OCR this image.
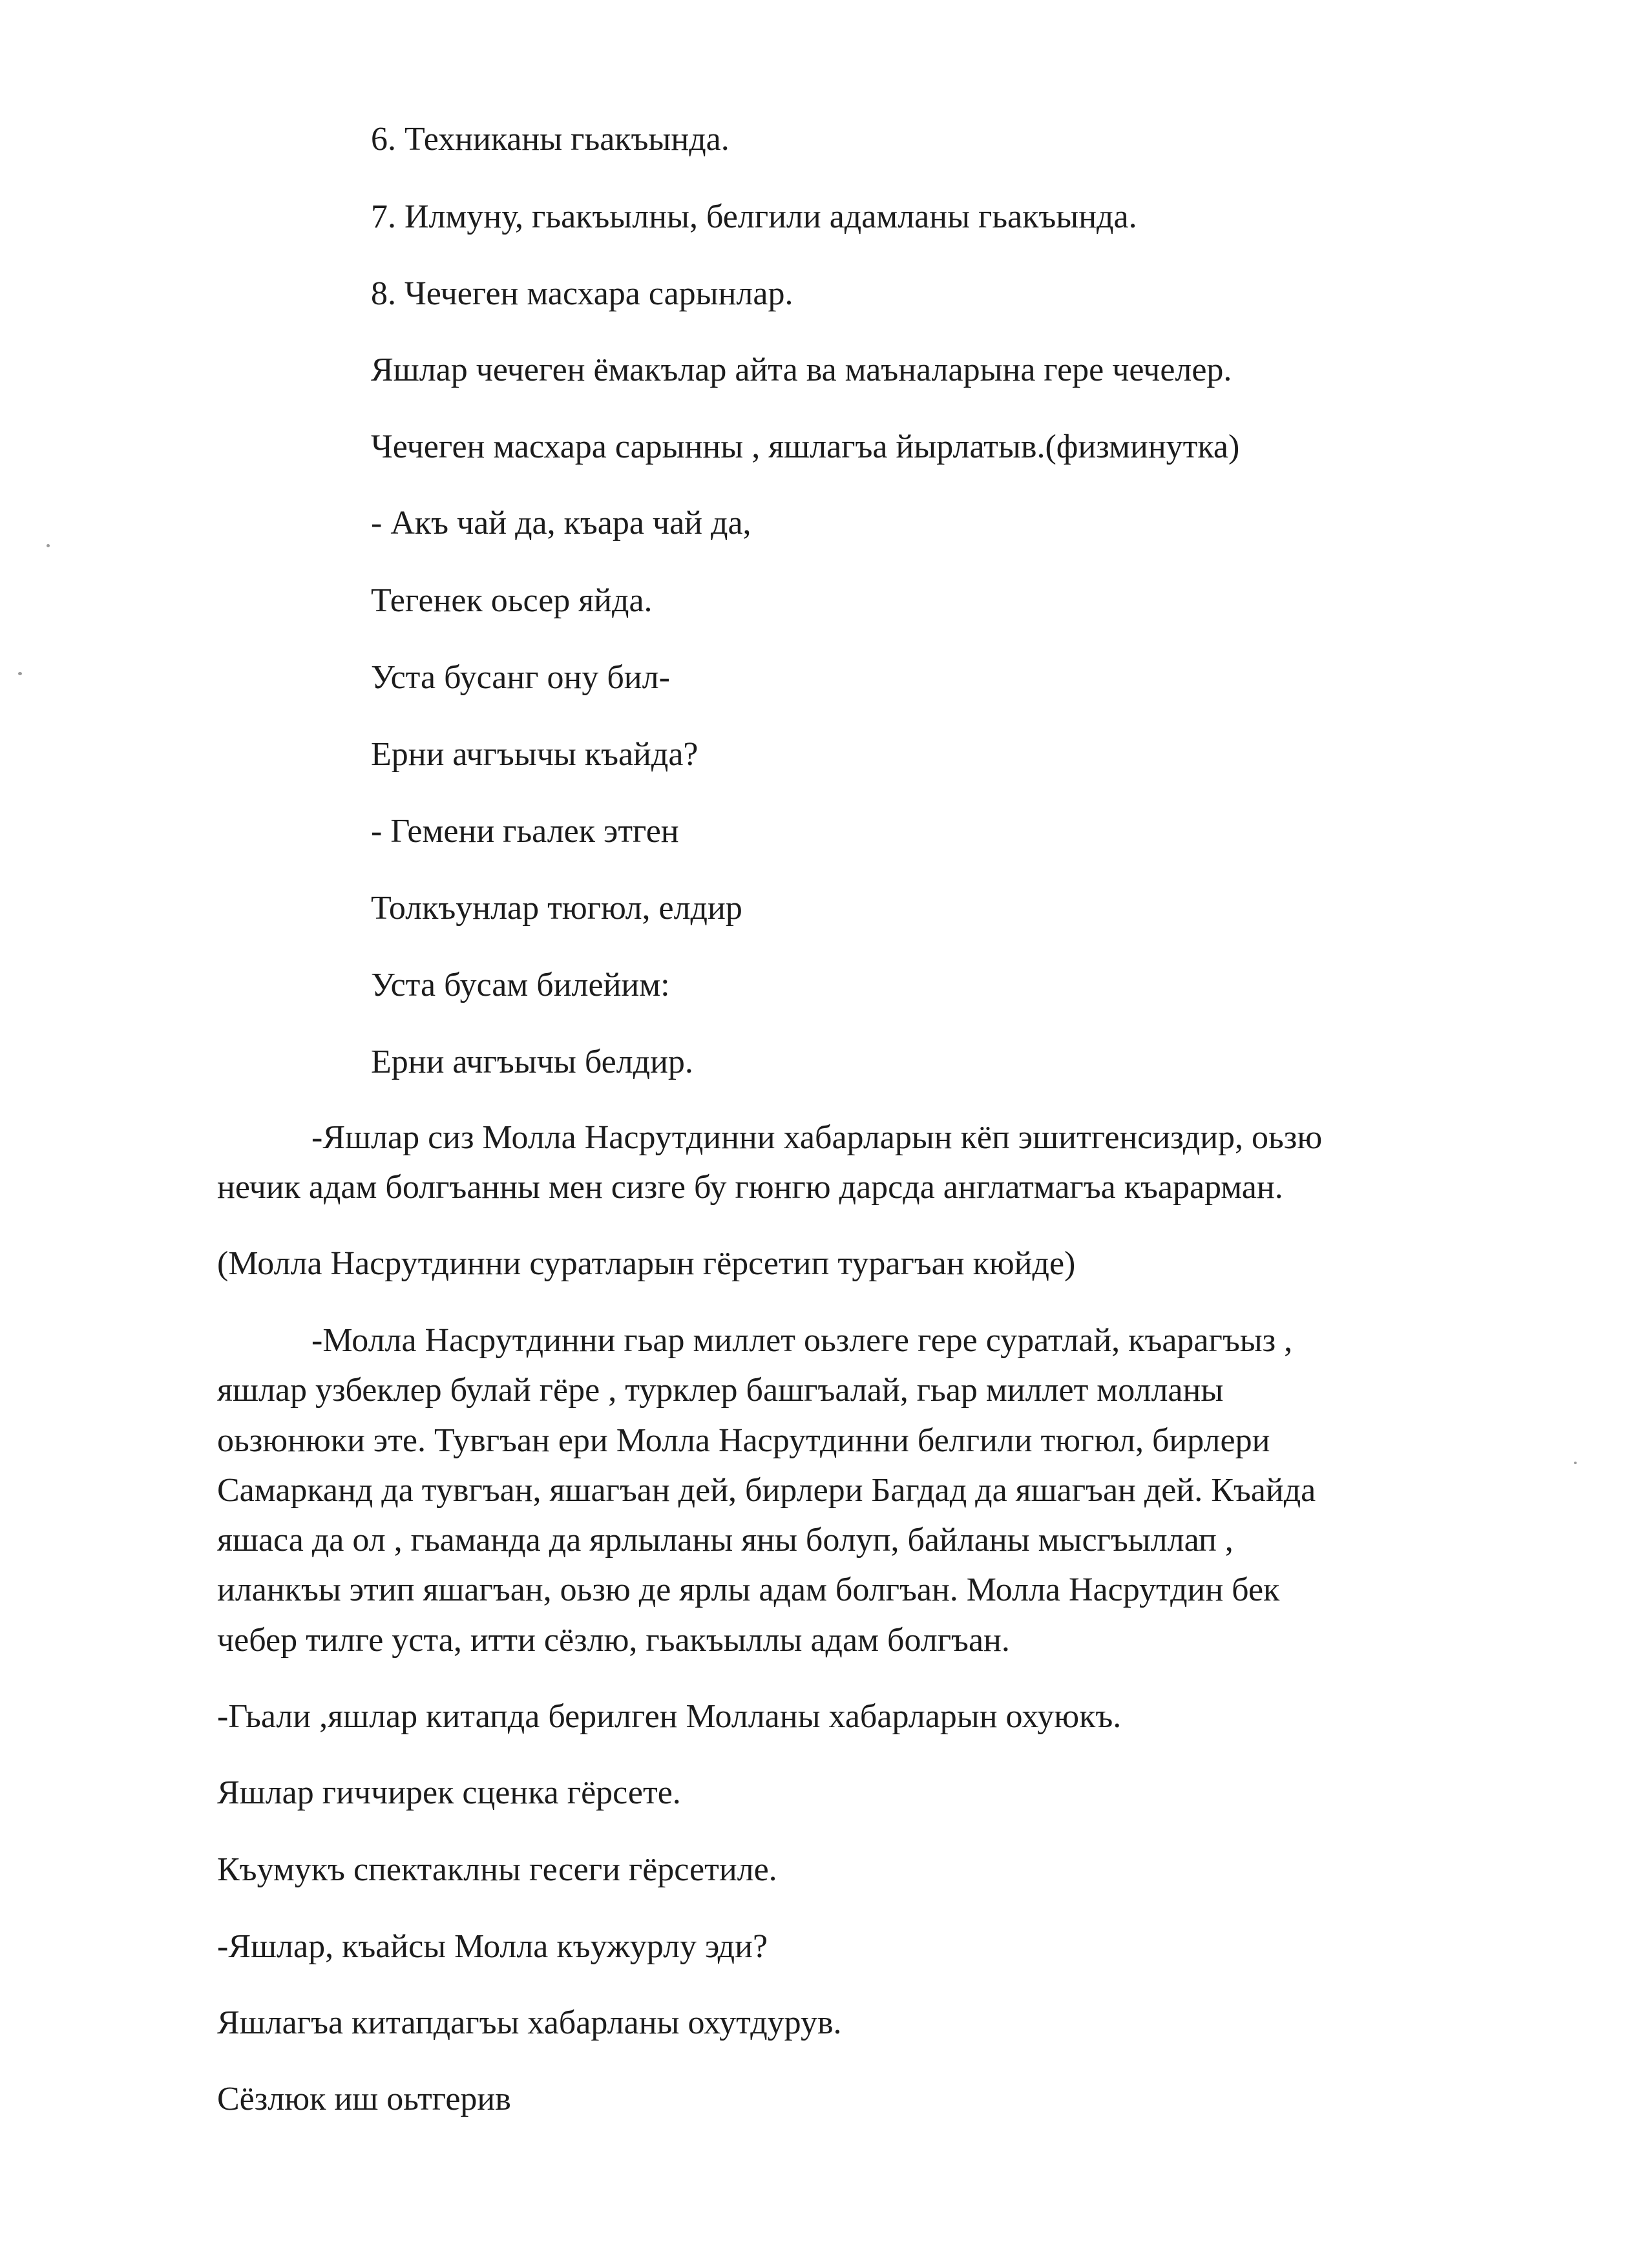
6. Техниканы гьакъында.

7. Илмуну, гьакъылны, белгили адамланы гьакъында.

8. Чечеген масхара сарынлар.

Яшлар чечеген ёмакълар айта ва маъналарына гере чечелер.

Чечеген масхара сарынны , яшлагъа йырлатыв.(физминутка)

- Акъ чай да, къара чай да,

Тегенек оьсер яйда.

Уста бусанг ону бил-

Ерни ачгъычы къайда?

- Гемени гьалек этген

Толкъунлар тюгюл, елдир

Уста бусам билейим:

Ерни ачгъычы белдир.

-Яшлар сиз Молла Насрутдинни хабарларын кёп эшитгенсиздир, оьзю

нечик адам болгъанны мен сизге бу гюнгю дарсда англатмагъа къарарман.

(Молла Насрутдинни суратларын гёрсетип турагъан кюйде)

-Молла Насрутдинни гьар миллет оьзлеге гере суратлай, къарагъыз ,

яшлар узбеклер булай гёре , турклер башгъалай, гьар миллет молланы

оьзюнюки эте. Тувгъан ери Молла Насрутдинни белгили тюгюл, бирлери

Самарканд да тувгъан, яшагъан дей, бирлери Багдад да яшагъан дей. Къайда

яшаса да ол , гьаманда да ярлыланы яны болуп, байланы мысгъыллап ,

иланкъы этип яшагъан, оьзю де ярлы адам болгъан. Молла Насрутдин бек

чебер тилге уста, итти сёзлю, гьакъыллы адам болгъан.

-Гьали ,яшлар китапда берилген Молланы хабарларын охуюкъ.

Яшлар гиччирек сценка гёрсете.

Къумукъ спектаклны гесеги гёрсетиле.

-Яшлар, къайсы Молла къужурлу эди?

Яшлагъа китапдагъы хабарланы охутдурув.

Сёзлюк иш оьтгерив
